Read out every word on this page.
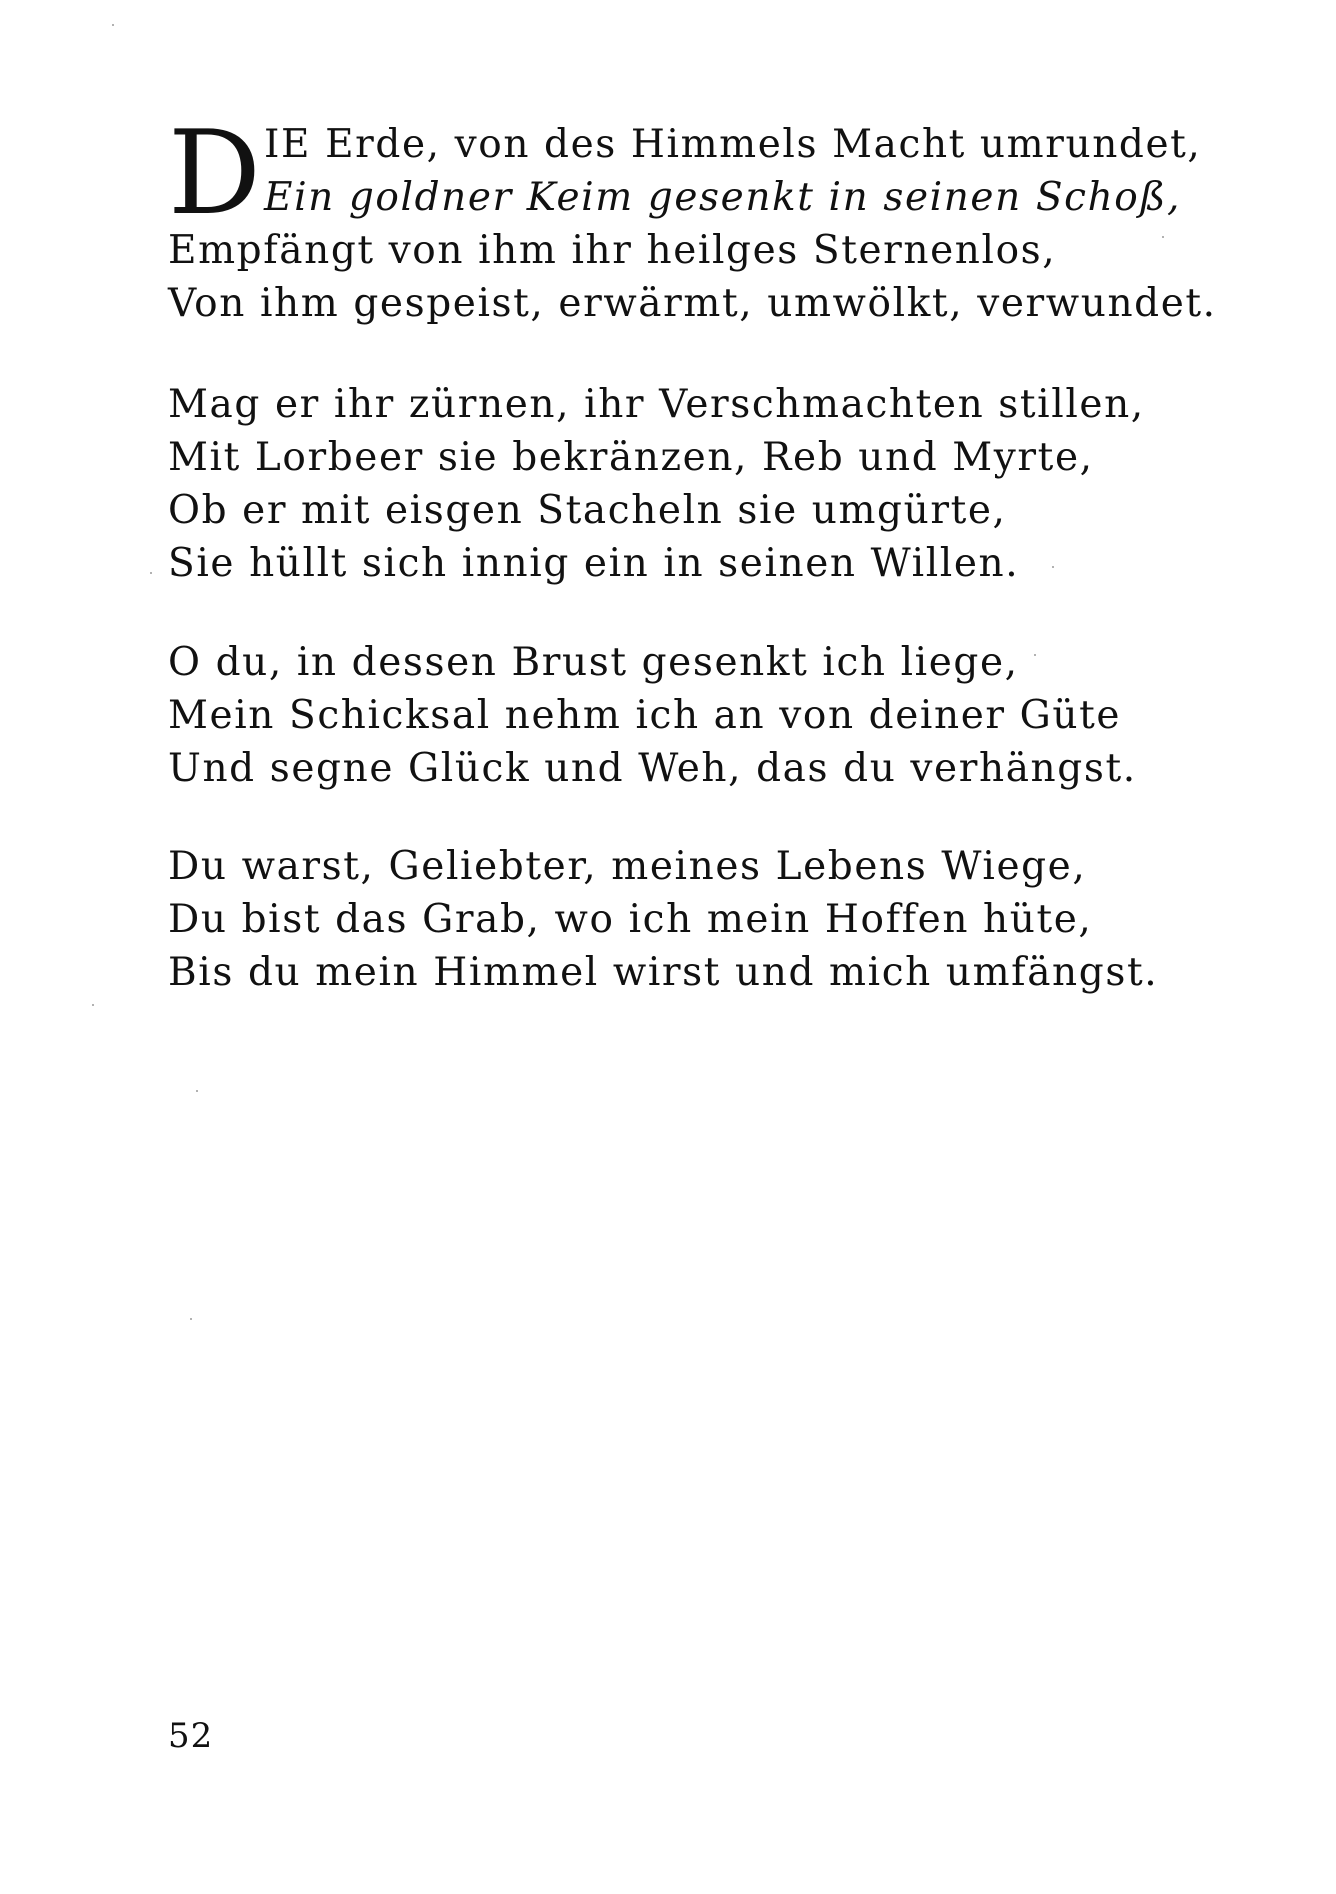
D IE Erde, von des Himmels Macht umrundet,
Ein goldner Keim gesenkt in seinen Schoß,
Empfängt von ihm ihr heilges Sternenlos,
Von ihm gespeist, erwärmt, umwölkt, verwundet.
Mag er ihr zürnen, ihr Verschmachten stillen,
Mit Lorbeer sie bekränzen, Reb und Myrte,
Ob er mit eisgen Stacheln sie umgürte,
Sie hüllt sich innig ein in seinen Willen.
O du, in dessen Brust gesenkt ich liege,
Mein Schicksal nehm ich an von deiner Güte
Und segne Glück und Weh, das du verhängst.
Du warst, Geliebter, meines Lebens Wiege,
Du bist das Grab, wo ich mein Hoffen hüte,
Bis du mein Himmel wirst und mich umfängst.
52
